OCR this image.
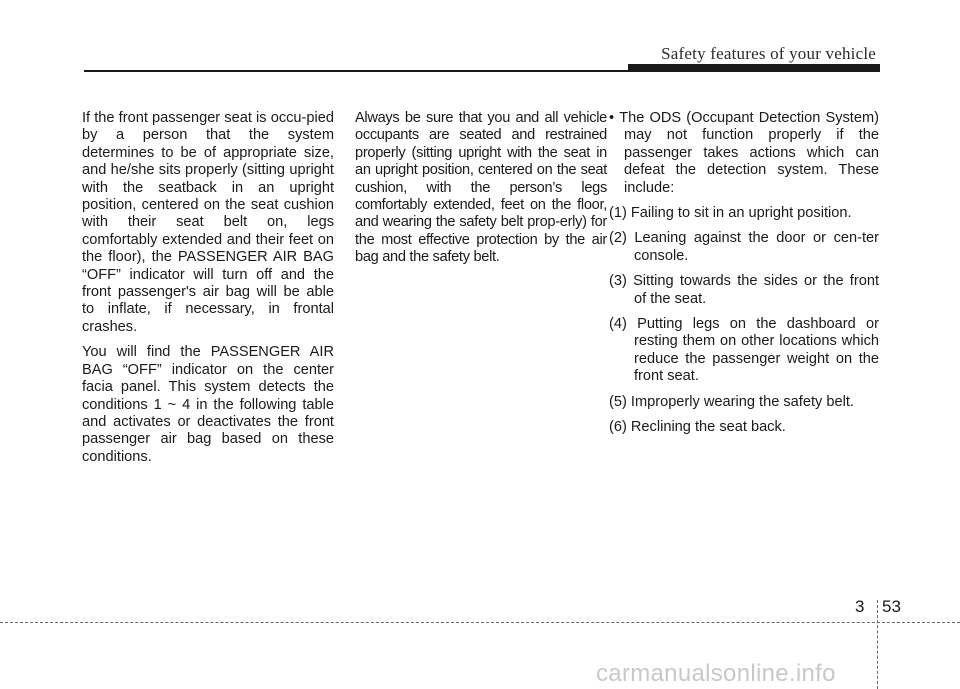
Safety features of your vehicle

If the front passenger seat is occu-pied by a person that the system determines to be of appropriate size, and he/she sits properly (sitting upright with the seatback in an upright position, centered on the seat cushion with their seat belt on, legs comfortably extended and their feet on the floor), the PASSENGER AIR BAG “OFF” indicator will turn off and the front passenger's air bag will be able to inflate, if necessary, in frontal crashes.

You will find the PASSENGER AIR BAG “OFF” indicator on the center facia panel. This system detects the conditions 1 ~ 4 in the following table and activates or deactivates the front passenger air bag based on these conditions.

Always be sure that you and all vehicle occupants are seated and restrained properly (sitting upright with the seat in an upright position, centered on the seat cushion, with the person’s legs comfortably extended, feet on the floor, and wearing the safety belt prop-erly) for the most effective protection by the air bag and the safety belt.

• The ODS (Occupant Detection System) may not function properly if the passenger takes actions which can defeat the detection system. These include:
(1) Failing to sit in an upright position.
(2) Leaning against the door or cen-ter console.
(3) Sitting towards the sides or the front of the seat.
(4) Putting legs on the dashboard or resting them on other locations which reduce the passenger weight on the front seat.
(5) Improperly wearing the safety belt.
(6) Reclining the seat back.
3 53
carmanualsonline.info
